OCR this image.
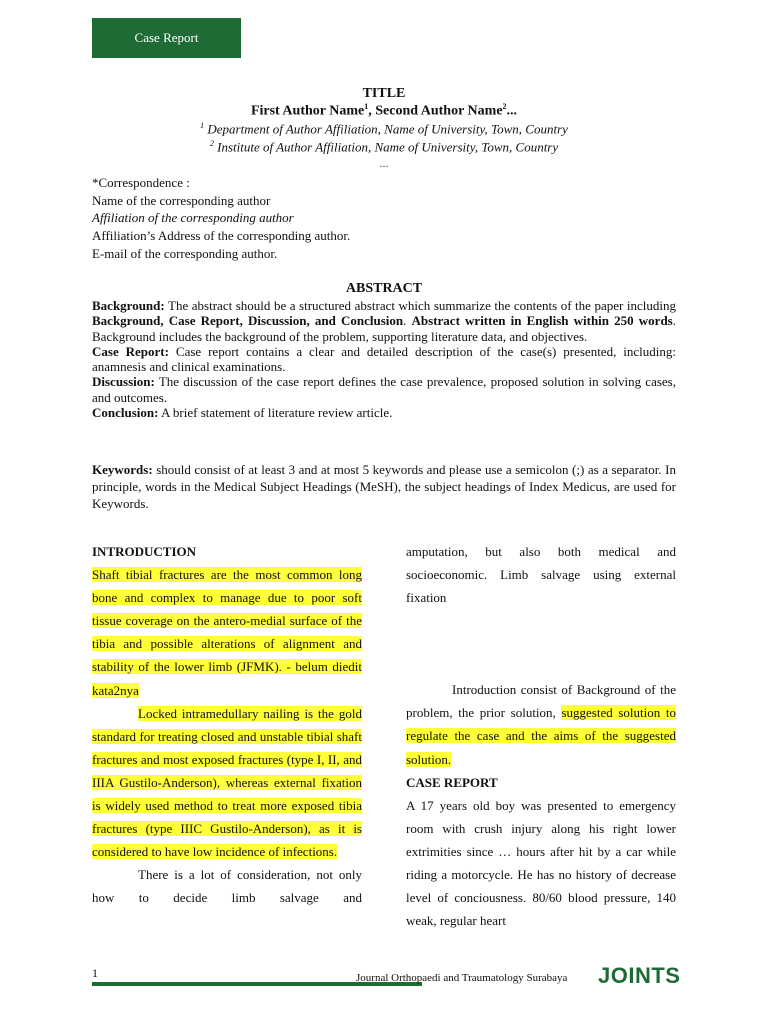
Case Report
TITLE
First Author Name$^1$, Second Author Name$^2$...
$^1$ Department of Author Affiliation, Name of University, Town, Country
$^2$ Institute of Author Affiliation, Name of University, Town, Country
...
*Correspondence :
Name of the corresponding author
Affiliation of the corresponding author
Affiliation’s Address of the corresponding author.
E-mail of the corresponding author.
ABSTRACT

Background: The abstract should be a structured abstract which summarize the contents of the paper including Background, Case Report, Discussion, and Conclusion. Abstract written in English within 250 words. Background includes the background of the problem, supporting literature data, and objectives.

Case Report: Case report contains a clear and detailed description of the case(s) presented, including: anamnesis and clinical examinations.

Discussion: The discussion of the case report defines the case prevalence, proposed solution in solving cases, and outcomes.

Conclusion: A brief statement of literature review article.

Keywords: should consist of at least 3 and at most 5 keywords and please use a semicolon (;) as a separator. In principle, words in the Medical Subject Headings (MeSH), the subject headings of Index Medicus, are used for Keywords.

INTRODUCTION

Shaft tibial fractures are the most common long bone and complex to manage due to poor soft tissue coverage on the antero-medial surface of the tibia and possible alterations of alignment and stability of the lower limb (JFMK). - belum diedit kata2nya

Locked intramedullary nailing is the gold standard for treating closed and unstable tibial shaft fractures and most exposed fractures (type I, II, and IIIA Gustilo-Anderson), whereas external fixation is widely used method to treat more exposed tibia fractures (type IIIC Gustilo-Anderson), as it is considered to have low incidence of infections.

There is a lot of consideration, not only how to decide limb salvage and

amputation, but also both medical and socioeconomic. Limb salvage using external fixation

Introduction consist of Background of the problem, the prior solution, suggested solution to regulate the case and the aims of the suggested solution.

CASE REPORT

A 17 years old boy was presented to emergency room with crush injury along his right lower extrimities since … hours after hit by a car while riding a motorcycle. He has no history of decrease level of conciousness. 80/60 blood pressure, 140 weak, regular heart

1	Journal Orthopaedi and Traumatology Surabaya JOINTS
